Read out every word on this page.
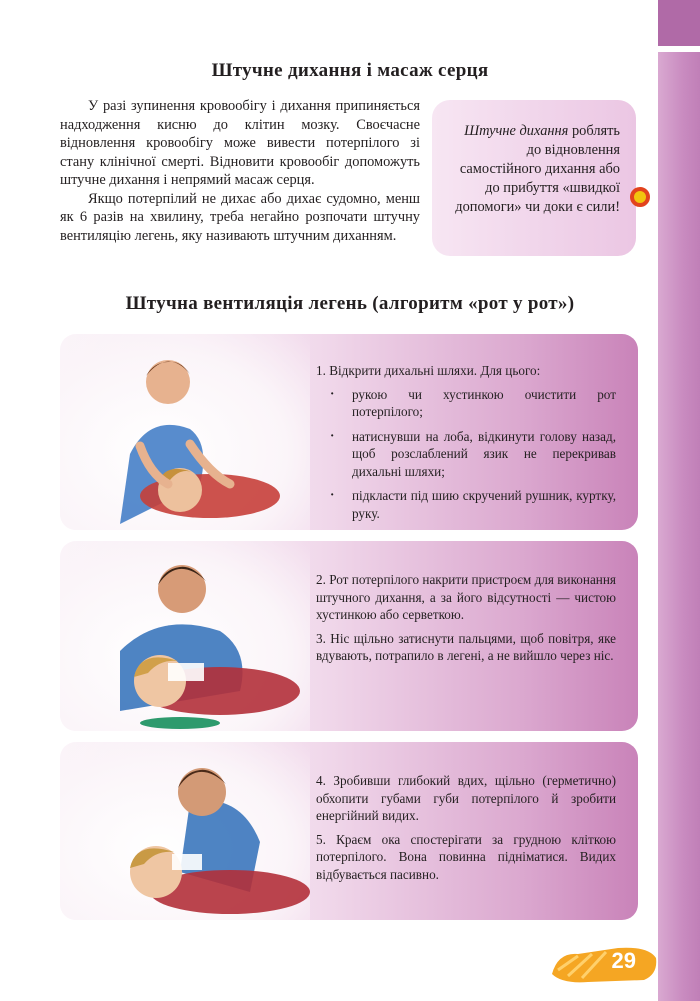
Штучне дихання і масаж серця

У разі зупинення кровообігу і дихання припиняється надходження кисню до клітин мозку. Своєчасне відновлення кровообігу може вивести потерпілого зі стану клінічної смерті. Відновити кровообіг допоможуть штучне дихання і непрямий масаж серця.

Якщо потерпілий не дихає або дихає судомно, менш як 6 разів на хвилину, треба негайно розпочати штучну вентиляцію легень, яку називають штучним диханням.

Штучне дихання роблять до відновлення самостійного дихання або до прибуття «швидкої допомоги» чи доки є сили!
Штучна вентиляція легень (алгоритм «рот у рот»)

1. Відкрити дихальні шляхи. Для цього:

· рукою чи хустинкою очистити рот потерпілого;
· натиснувши на лоба, відкинути голову назад, щоб розслаблений язик не перекривав дихальні шляхи;
· підкласти під шию скручений рушник, куртку, руку.

2. Рот потерпілого накрити пристроєм для виконання штучного дихання, а за його відсутності — чистою хустинкою або серветкою.

3. Ніс щільно затиснути пальцями, щоб повітря, яке вдувають, потрапило в легені, а не вийшло через ніс.

4. Зробивши глибокий вдих, щільно (герметично) обхопити губами губи потерпілого й зробити енергійний видих.

5. Краєм ока спостерігати за грудною кліткою потерпілого. Вона повинна підніматися. Видих відбувається пасивно.

29
